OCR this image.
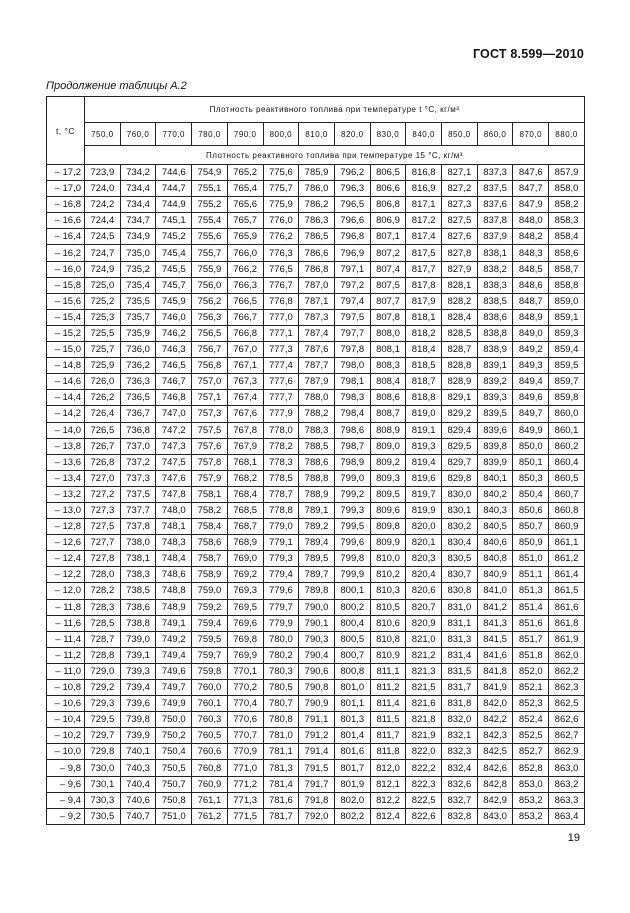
ГОСТ 8.599—2010
Продолжение таблицы А.2
t, °C	Плотность реактивного топлива при температуре t °C, кг/м³													
	750,0	760,0	770,0	780,0	790,0	800,0	810,0	820,0	830,0	840,0	850,0	860,0	870,0	880,0
	Плотность реактивного топлива при температуре 15 °C, кг/м³													
– 17,2	723,9	734,2	744,6	754,9	765,2	775,6	785,9	796,2	806,5	816,8	827,1	837,3	847,6	857,9
– 17,0	724,0	734,4	744,7	755,1	765,4	775,7	786,0	796,3	806,6	816,9	827,2	837,5	847,7	858,0
– 16,8	724,2	734,4	744,9	755,2	765,6	775,9	786,2	796,5	806,8	817,1	827,3	837,6	847,9	858,2
– 16,6	724,4	734,7	745,1	755,4	765,7	776,0	786,3	796,6	806,9	817,2	827,5	837,8	848,0	858,3
– 16,4	724,5	734,9	745,2	755,6	765,9	776,2	786,5	796,8	807,1	817,4	827,6	837,9	848,2	858,4
– 16,2	724,7	735,0	745,4	755,7	766,0	776,3	786,6	796,9	807,2	817,5	827,8	838,1	848,3	858,6
– 16,0	724,9	735,2	745,5	755,9	766,2	776,5	786,8	797,1	807,4	817,7	827,9	838,2	848,5	858,7
– 15,8	725,0	735,4	745,7	756,0	766,3	776,7	787,0	797,2	807,5	817,8	828,1	838,3	848,6	858,8
– 15,6	725,2	735,5	745,9	756,2	766,5	776,8	787,1	797,4	807,7	817,9	828,2	838,5	848,7	859,0
– 15,4	725,3	735,7	746,0	756,3	766,7	777,0	787,3	797,5	807,8	818,1	828,4	838,6	848,9	859,1
– 15,2	725,5	735,9	746,2	756,5	766,8	777,1	787,4	797,7	808,0	818,2	828,5	838,8	849,0	859,3
– 15,0	725,7	736,0	746,3	756,7	767,0	777,3	787,6	797,8	808,1	818,4	828,7	838,9	849,2	859,4
– 14,8	725,9	736,2	746,5	756,8	767,1	777,4	787,7	798,0	808,3	818,5	828,8	839,1	849,3	859,5
– 14,6	726,0	736,3	746,7	757,0	767,3	777,6	787,9	798,1	808,4	818,7	828,9	839,2	849,4	859,7
– 14,4	726,2	736,5	746,8	757,1	767,4	777,7	788,0	798,3	808,6	818,8	829,1	839,3	849,6	859,8
– 14,2	726,4	736,7	747,0	757,3	767,6	777,9	788,2	798,4	808,7	819,0	829,2	839,5	849,7	860,0
– 14,0	726,5	736,8	747,2	757,5	767,8	778,0	788,3	798,6	808,9	819,1	829,4	839,6	849,9	860,1
– 13,8	726,7	737,0	747,3	757,6	767,9	778,2	788,5	798,7	809,0	819,3	829,5	839,8	850,0	860,2
– 13,6	726,8	737,2	747,5	757,8	768,1	778,3	788,6	798,9	809,2	819,4	829,7	839,9	850,1	860,4
– 13,4	727,0	737,3	747,6	757,9	768,2	778,5	788,8	799,0	809,3	819,6	829,8	840,1	850,3	860,5
– 13,2	727,2	737,5	747,8	758,1	768,4	778,7	788,9	799,2	809,5	819,7	830,0	840,2	850,4	860,7
– 13,0	727,3	737,7	748,0	758,2	768,5	778,8	789,1	799,3	809,6	819,9	830,1	840,3	850,6	860,8
– 12,8	727,5	737,8	748,1	758,4	768,7	779,0	789,2	799,5	809,8	820,0	830,2	840,5	850,7	860,9
– 12,6	727,7	738,0	748,3	758,6	768,9	779,1	789,4	799,6	809,9	820,1	830,4	840,6	850,9	861,1
– 12,4	727,8	738,1	748,4	758,7	769,0	779,3	789,5	799,8	810,0	820,3	830,5	840,8	851,0	861,2
– 12,2	728,0	738,3	748,6	758,9	769,2	779,4	789,7	799,9	810,2	820,4	830,7	840,9	851,1	861,4
– 12,0	728,2	738,5	748,8	759,0	769,3	779,6	789,8	800,1	810,3	820,6	830,8	841,0	851,3	861,5
– 11,8	728,3	738,6	748,9	759,2	769,5	779,7	790,0	800,2	810,5	820,7	831,0	841,2	851,4	861,6
– 11,6	728,5	738,8	749,1	759,4	769,6	779,9	790,1	800,4	810,6	820,9	831,1	841,3	851,6	861,8
– 11,4	728,7	739,0	749,2	759,5	769,8	780,0	790,3	800,5	810,8	821,0	831,3	841,5	851,7	861,9
– 11,2	728,8	739,1	749,4	759,7	769,9	780,2	790,4	800,7	810,9	821,2	831,4	841,6	851,8	862,0
– 11,0	729,0	739,3	749,6	759,8	770,1	780,3	790,6	800,8	811,1	821,3	831,5	841,8	852,0	862,2
– 10,8	729,2	739,4	749,7	760,0	770,2	780,5	790,8	801,0	811,2	821,5	831,7	841,9	852,1	862,3
– 10,6	729,3	739,6	749,9	760,1	770,4	780,7	790,9	801,1	811,4	821,6	831,8	842,0	852,3	862,5
– 10,4	729,5	739,8	750,0	760,3	770,6	780,8	791,1	801,3	811,5	821,8	832,0	842,2	852,4	862,6
– 10,2	729,7	739,9	750,2	760,5	770,7	781,0	791,2	801,4	811,7	821,9	832,1	842,3	852,5	862,7
– 10,0	729,8	740,1	750,4	760,6	770,9	781,1	791,4	801,6	811,8	822,0	832,3	842,5	852,7	862,9
– 9,8	730,0	740,3	750,5	760,8	771,0	781,3	791,5	801,7	812,0	822,2	832,4	842,6	852,8	863,0
– 9,6	730,1	740,4	750,7	760,9	771,2	781,4	791,7	801,9	812,1	822,3	832,6	842,8	853,0	863,2
– 9,4	730,3	740,6	750,8	761,1	771,3	781,6	791,8	802,0	812,2	822,5	832,7	842,9	853,2	863,3
– 9,2	730,5	740,7	751,0	761,2	771,5	781,7	792,0	802,2	812,4	822,6	832,8	843,0	853,2	863,4
19
